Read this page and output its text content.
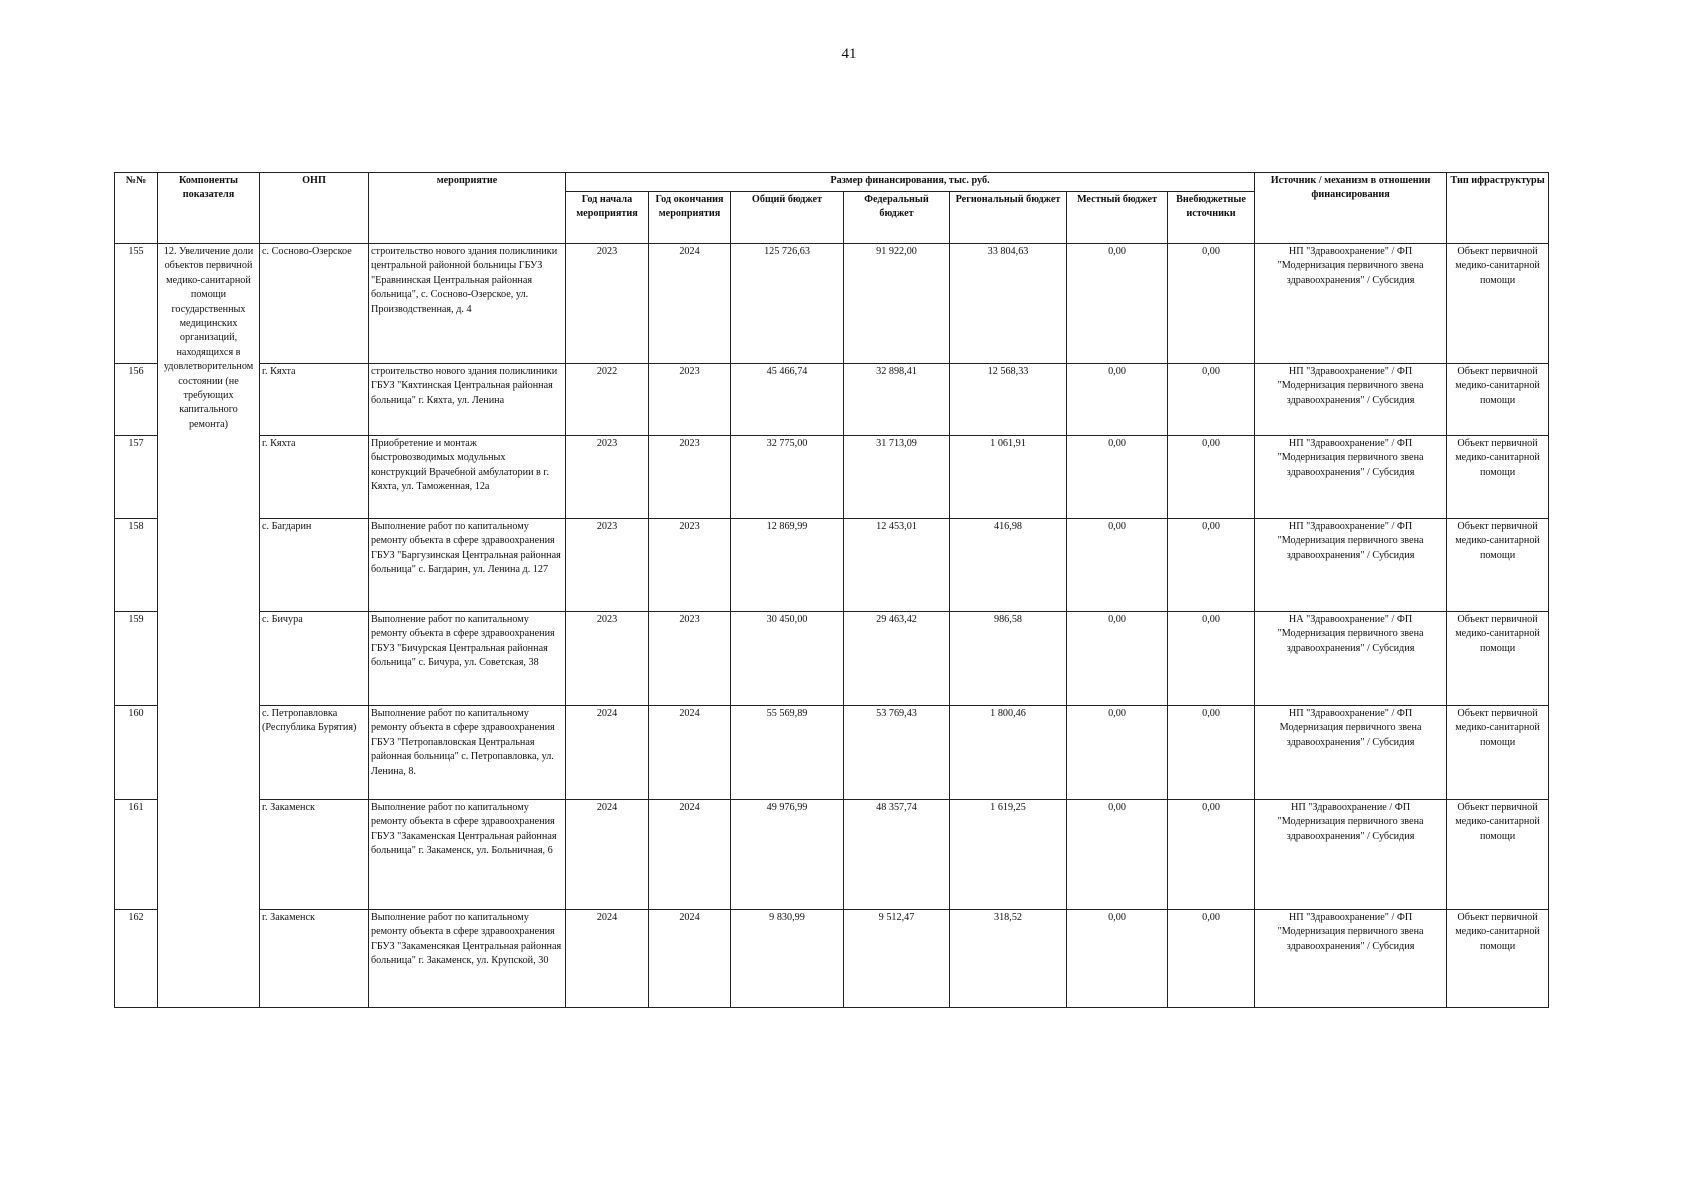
41
№№	Компоненты показателя	ОНП	мероприятие	Размер финансирования, тыс. руб.							Источник / механизм в отношении финансирования	Тип ифраструктуры
				Год начала мероприятия	Год окончания мероприятия	Общий бюджет	Федеральный бюджет	Региональный бюджет	Местный бюджет	Внебюджетные источники		
155	12. Увеличение доли объектов первичной медико-санитарной помощи государственных медицинских организаций, находящихся в удовлетворительном состоянии (не требующих капитального ремонта)	с. Сосново-Озерское	строительство нового здания поликлиники центральной районной больницы ГБУЗ "Еравнинская Центральная районная больница", с. Сосново-Озерское, ул. Производственная, д. 4	2023	2024	125 726,63	91 922,00	33 804,63	0,00	0,00	НП "Здравоохранение" / ФП "Модернизация первичного звена здравоохранения" / Субсидия	Объект первичной медико-санитарной помощи
156		г. Кяхта	строительство нового здания поликлиники ГБУЗ "Кяхтинская Центральная районная больница" г. Кяхта, ул. Ленина	2022	2023	45 466,74	32 898,41	12 568,33	0,00	0,00	НП "Здравоохранение" / ФП "Модернизация первичного звена здравоохранения" / Субсидия	Объект первичной медико-санитарной помощи
157		г. Кяхта	Приобретение и монтаж быстровозводимых модульных конструкций Врачебной амбулатории в г. Кяхта, ул. Таможенная, 12а	2023	2023	32 775,00	31 713,09	1 061,91	0,00	0,00	НП "Здравоохранение" / ФП "Модернизация первичного звена здравоохранения" / Субсидия	Объект первичной медико-санитарной помощи
158		с. Багдарин	Выполнение работ по капитальному ремонту объекта в сфере здравоохранения ГБУЗ "Баргузинская Центральная районная больница" с. Багдарин, ул. Ленина д. 127	2023	2023	12 869,99	12 453,01	416,98	0,00	0,00	НП "Здравоохранение" / ФП "Модернизация первичного звена здравоохранения" / Субсидия	Объект первичной медико-санитарной помощи
159		с. Бичура	Выполнение работ по капитальному ремонту объекта в сфере здравоохранения ГБУЗ "Бичурская Центральная районная больница" с. Бичура, ул. Советская, 38	2023	2023	30 450,00	29 463,42	986,58	0,00	0,00	НА "Здравоохранение" / ФП "Модернизация первичного звена здравоохранения" / Субсидия	Объект первичной медико-санитарной помощи
160		с. Петропавловка (Республика Бурятия)	Выполнение работ по капитальному ремонту объекта в сфере здравоохранения ГБУЗ "Петропавловская Центральная районная больница" с. Петропавловка, ул. Ленина, 8.	2024	2024	55 569,89	53 769,43	1 800,46	0,00	0,00	НП "Здравоохранение" / ФП Модернизация первичного звена здравоохранения" / Субсидия	Объект первичной медико-санитарной помощи
161		г. Закаменск	Выполнение работ по капитальному ремонту объекта в сфере здравоохранения ГБУЗ "Закаменская Центральная районная больница" г. Закаменск, ул. Больничная, 6	2024	2024	49 976,99	48 357,74	1 619,25	0,00	0,00	НП "Здравоохранение / ФП "Модернизация первичного звена здравоохранения" / Субсидия	Объект первичной медико-санитарной помощи
162		г. Закаменск	Выполнение работ по капитальному ремонту объекта в сфере здравоохранения ГБУЗ "Закаменсякая Центральная районная больница" г. Закаменск, ул. Крупской, 30	2024	2024	9 830,99	9 512,47	318,52	0,00	0,00	НП "Здравоохранение" / ФП "Модернизация первичного звена здравоохранения" / Субсидия	Объект первичной медико-санитарной помощи
